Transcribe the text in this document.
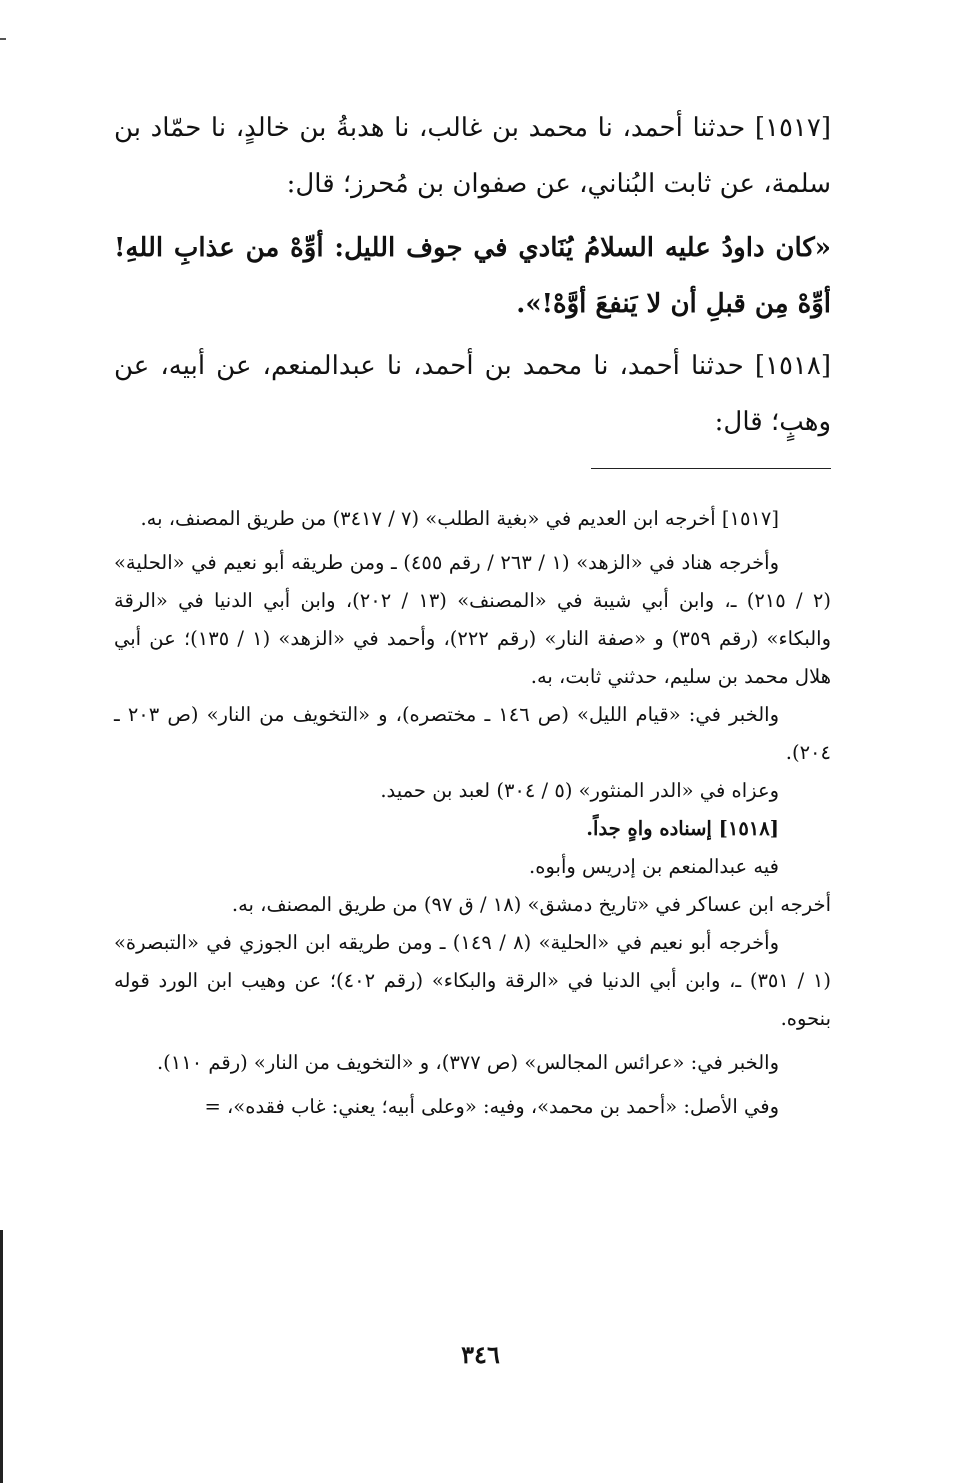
[١٥١٧] حدثنا أحمد، نا محمد بن غالب، نا هدبةُ بن خالدٍ، نا حمّاد بن سلمة، عن ثابت البُناني، عن صفوان بن مُحرز؛ قال:

«كان داودُ عليه السلامُ يُنَادي في جوف الليل: أوِّهْ من عذابِ اللهِ! أوِّهْ مِن قبلِ أن لا يَنفعَ أوَّهْ!».

[١٥١٨] حدثنا أحمد، نا محمد بن أحمد، نا عبدالمنعم، عن أبيه، عن وهبٍ؛ قال:

[١٥١٧] أخرجه ابن العديم في «بغية الطلب» (٧ / ٣٤١٧) من طريق المصنف، به.

وأخرجه هناد في «الزهد» (١ / ٢٦٣ / رقم ٤٥٥) ـ ومن طريقه أبو نعيم في «الحلية» (٢ / ٢١٥) ـ، وابن أبي شيبة في «المصنف» (١٣ / ٢٠٢)، وابن أبي الدنيا في «الرقة والبكاء» (رقم ٣٥٩) و «صفة النار» (رقم ٢٢٢)، وأحمد في «الزهد» (١ / ١٣٥)؛ عن أبي هلال محمد بن سليم، حدثني ثابت، به.

والخبر في: «قيام الليل» (ص ١٤٦ ـ مختصره)، و «التخويف من النار» (ص ٢٠٣ ـ ٢٠٤).

وعزاه في «الدر المنثور» (٥ / ٣٠٤) لعبد بن حميد.

[١٥١٨] إسناده واهٍ جداً.

فيه عبدالمنعم بن إدريس وأبوه.

أخرجه ابن عساكر في «تاريخ دمشق» (١٨ / ق ٩٧) من طريق المصنف، به.

وأخرجه أبو نعيم في «الحلية» (٨ / ١٤٩) ـ ومن طريقه ابن الجوزي في «التبصرة» (١ / ٣٥١) ـ، وابن أبي الدنيا في «الرقة والبكاء» (رقم ٤٠٢)؛ عن وهيب ابن الورد قوله بنحوه.

والخبر في: «عرائس المجالس» (ص ٣٧٧)، و «التخويف من النار» (رقم ١١٠).

وفي الأصل: «أحمد بن محمد»، وفيه: «وعلى أبيه؛ يعني: غاب فقده»، =

٣٤٦
